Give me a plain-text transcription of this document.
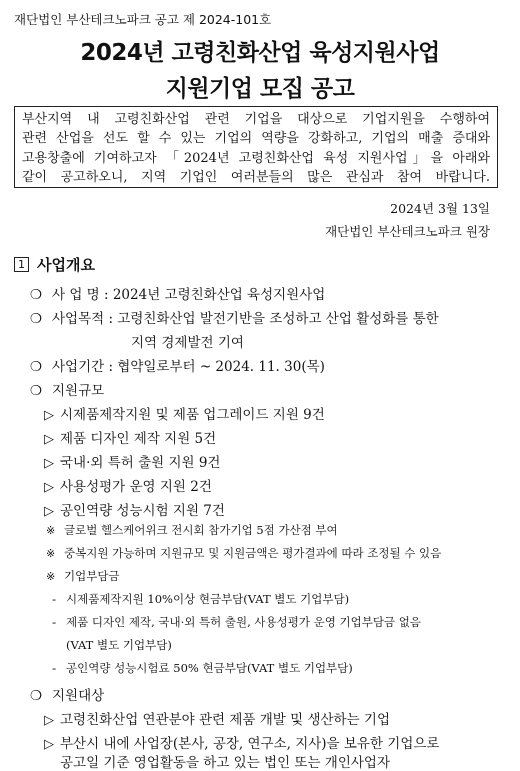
재단법인 부산테크노파크 공고 제 2024-101호
2024년 고령친화산업 육성지원사업
지원기업 모집 공고
부산지역 내 고령친화산업 관련 기업을 대상으로 기업지원을 수행하여
관련 산업을 선도 할 수 있는 기업의 역량을 강화하고, 기업의 매출 증대와
고용창출에 기여하고자 「2024년 고령친화산업 육성 지원사업」을 아래와
같이 공고하오니, 지역 기업인 여러분들의 많은 관심과 참여 바랍니다.
2024년 3월 13일
재단법인 부산테크노파크 원장
1 사업개요
❍ 사 업 명 : 2024년 고령친화산업 육성지원사업
❍ 사업목적 : 고령친화산업 발전기반을 조성하고 산업 활성화를 통한
지역 경제발전 기여
❍ 사업기간 : 협약일로부터 ~ 2024. 11. 30(목)
❍ 지원규모
▷ 시제품제작지원 및 제품 업그레이드 지원 9건
▷ 제품 디자인 제작 지원 5건
▷ 국내·외 특허 출원 지원 9건
▷ 사용성평가 운영 지원 2건
▷ 공인역량 성능시험 지원 7건
※ 글로벌 헬스케어위크 전시회 참가기업 5점 가산점 부여
※ 중복지원 가능하며 지원규모 및 지원금액은 평가결과에 따라 조정될 수 있음
※ 기업부담금
- 시제품제작지원 10%이상 현금부담(VAT 별도 기업부담)
- 제품 디자인 제작, 국내·외 특허 출원, 사용성평가 운영 기업부담금 없음
(VAT 별도 기업부담)
- 공인역량 성능시험료 50% 현금부담(VAT 별도 기업부담)
❍ 지원대상
▷ 고령친화산업 연관분야 관련 제품 개발 및 생산하는 기업
▷ 부산시 내에 사업장(본사, 공장, 연구소, 지사)을 보유한 기업으로
공고일 기준 영업활동을 하고 있는 법인 또는 개인사업자
